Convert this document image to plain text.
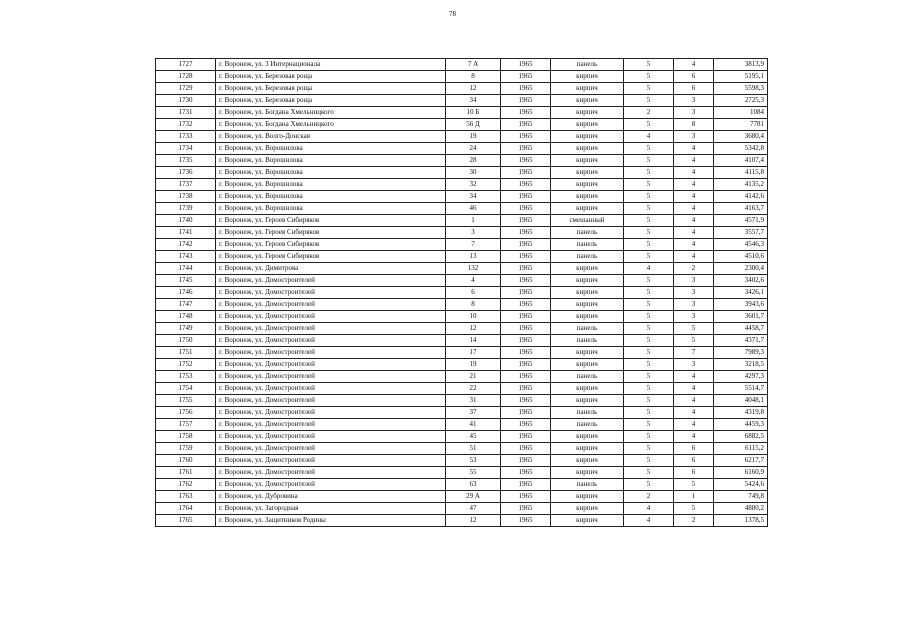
78
1727	г. Воронеж, ул. 3 Интернационала	7 А	1965	панель	5	4	3813,9
1728	г. Воронеж, ул. Березовая роща	8	1965	кирпич	5	6	5195,1
1729	г. Воронеж, ул. Березовая роща	12	1965	кирпич	5	6	5598,3
1730	г. Воронеж, ул. Березовая роща	34	1965	кирпич	5	3	2725,3
1731	г. Воронеж, ул. Богдана Хмельницкого	10 Б	1965	кирпич	2	3	1084
1732	г. Воронеж, ул. Богдана Хмельницкого	56 Д	1965	кирпич	5	8	7781
1733	г. Воронеж, ул. Волго-Донская	19	1965	кирпич	4	3	3680,4
1734	г. Воронеж, ул. Ворошилова	24	1965	кирпич	5	4	5342,8
1735	г. Воронеж, ул. Ворошилова	28	1965	кирпич	5	4	4107,4
1736	г. Воронеж, ул. Ворошилова	30	1965	кирпич	5	4	4115,8
1737	г. Воронеж, ул. Ворошилова	32	1965	кирпич	5	4	4135,2
1738	г. Воронеж, ул. Ворошилова	34	1965	кирпич	5	4	4142,6
1739	г. Воронеж, ул. Ворошилова	46	1965	кирпич	5	4	4163,7
1740	г. Воронеж, ул. Героев Сибиряков	1	1965	смешанный	5	4	4571,9
1741	г. Воронеж, ул. Героев Сибиряков	3	1965	панель	5	4	3557,7
1742	г. Воронеж, ул. Героев Сибиряков	7	1965	панель	5	4	4546,3
1743	г. Воронеж, ул. Героев Сибиряков	13	1965	панель	5	4	4510,6
1744	г. Воронеж, ул. Димитрова	132	1965	кирпич	4	2	2300,4
1745	г. Воронеж, ул. Домостроителей	4	1965	кирпич	5	3	3402,6
1746	г. Воронеж, ул. Домостроителей	6	1965	кирпич	5	3	3426,1
1747	г. Воронеж, ул. Домостроителей	8	1965	кирпич	5	3	3943,6
1748	г. Воронеж, ул. Домостроителей	10	1965	кирпич	5	3	3601,7
1749	г. Воронеж, ул. Домостроителей	12	1965	панель	5	5	4458,7
1750	г. Воронеж, ул. Домостроителей	14	1965	панель	5	5	4371,7
1751	г. Воронеж, ул. Домостроителей	17	1965	кирпич	5	7	7989,3
1752	г. Воронеж, ул. Домостроителей	19	1965	кирпич	5	3	3218,5
1753	г. Воронеж, ул. Домостроителей	21	1965	панель	5	4	4297,3
1754	г. Воронеж, ул. Домостроителей	22	1965	кирпич	5	4	5514,7
1755	г. Воронеж, ул. Домостроителей	31	1965	кирпич	5	4	4048,1
1756	г. Воронеж, ул. Домостроителей	37	1965	панель	5	4	4319,8
1757	г. Воронеж, ул. Домостроителей	41	1965	панель	5	4	4459,3
1758	г. Воронеж, ул. Домостроителей	45	1965	кирпич	5	4	6882,5
1759	г. Воронеж, ул. Домостроителей	51	1965	кирпич	5	6	6115,2
1760	г. Воронеж, ул. Домостроителей	53	1965	кирпич	5	6	6217,7
1761	г. Воронеж, ул. Домостроителей	55	1965	кирпич	5	6	6160,9
1762	г. Воронеж, ул. Домостроителей	63	1965	панель	5	5	5424,6
1763	г. Воронеж, ул. Дубровина	29 А	1965	кирпич	2	1	749,8
1764	г. Воронеж, ул. Загородная	47	1965	кирпич	4	5	4880,2
1765	г. Воронеж, ул. Защитников Родины	12	1965	кирпич	4	2	1378,5
